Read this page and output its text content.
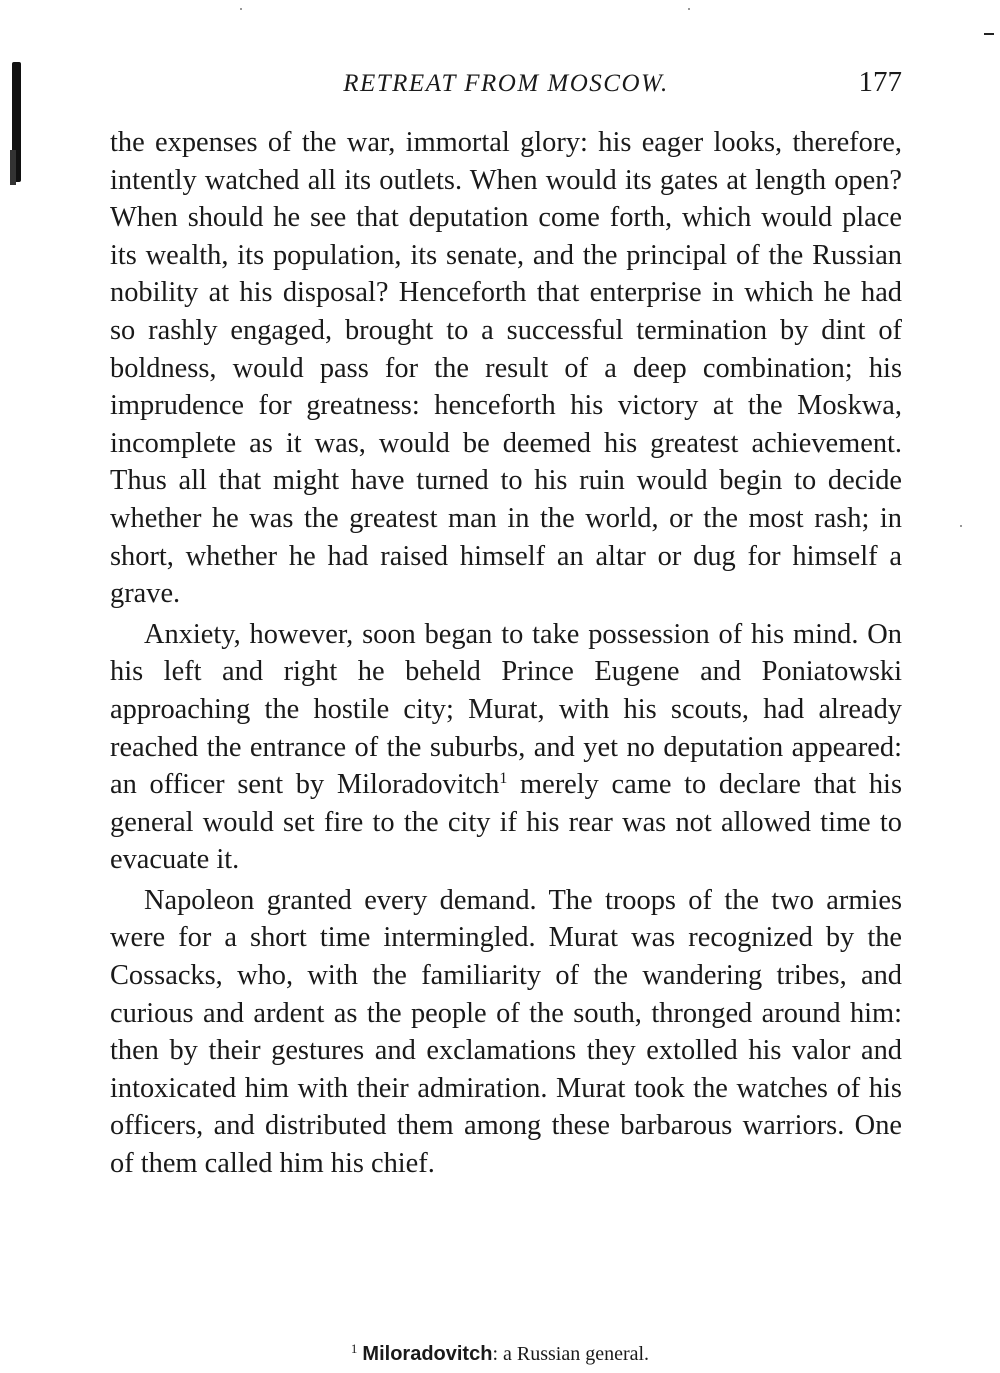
RETREAT FROM MOSCOW.	177

the expenses of the war, immortal glory: his eager looks, therefore, intently watched all its outlets. When would its gates at length open? When should he see that deputation come forth, which would place its wealth, its population, its senate, and the principal of the Russian nobility at his disposal? Henceforth that enterprise in which he had so rashly engaged, brought to a successful termination by dint of boldness, would pass for the result of a deep combination; his imprudence for greatness: henceforth his victory at the Moskwa, incomplete as it was, would be deemed his greatest achievement. Thus all that might have turned to his ruin would begin to decide whether he was the greatest man in the world, or the most rash; in short, whether he had raised himself an altar or dug for himself a grave.

Anxiety, however, soon began to take possession of his mind. On his left and right he beheld Prince Eugene and Poniatowski approaching the hostile city; Murat, with his scouts, had already reached the entrance of the suburbs, and yet no deputation appeared: an officer sent by Miloradovitch$^1$ merely came to declare that his general would set fire to the city if his rear was not allowed time to evacuate it.

Napoleon granted every demand. The troops of the two armies were for a short time intermingled. Murat was recognized by the Cossacks, who, with the familiarity of the wandering tribes, and curious and ardent as the people of the south, thronged around him: then by their gestures and exclamations they extolled his valor and intoxicated him with their admiration. Murat took the watches of his officers, and distributed them among these barbarous warriors. One of them called him his chief.

$^1$ Miloradovitch: a Russian general.
